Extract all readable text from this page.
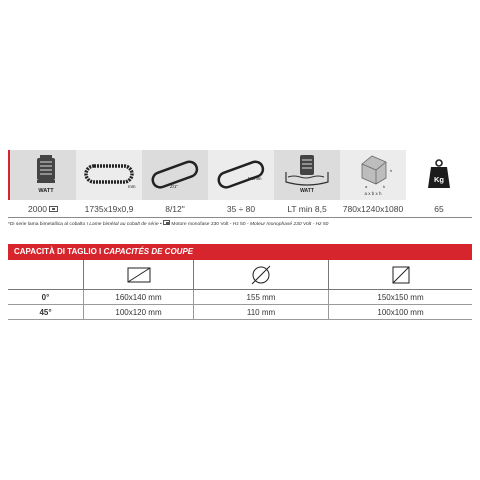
WATT
mm	Z/1"
Mt/min
WATT
a	b
h
a x b x h
Kg
2000	1735x19x0,9	8/12"	35 ÷ 80	LT min 8,5	780x1240x1080	65
*Di serie lama bimetallica al cobalto I Lame bimétal au cobalt de série •  Motore monofase 230 Volt - Hz 50 - Moteur monophasé 230 Volt - Hz 50
CAPACITÀ DI TAGLIO I CAPACITÉS DE COUPE
0°	160x140 mm	155 mm	150x150 mm
45°	100x120 mm	110 mm	100x100 mm
